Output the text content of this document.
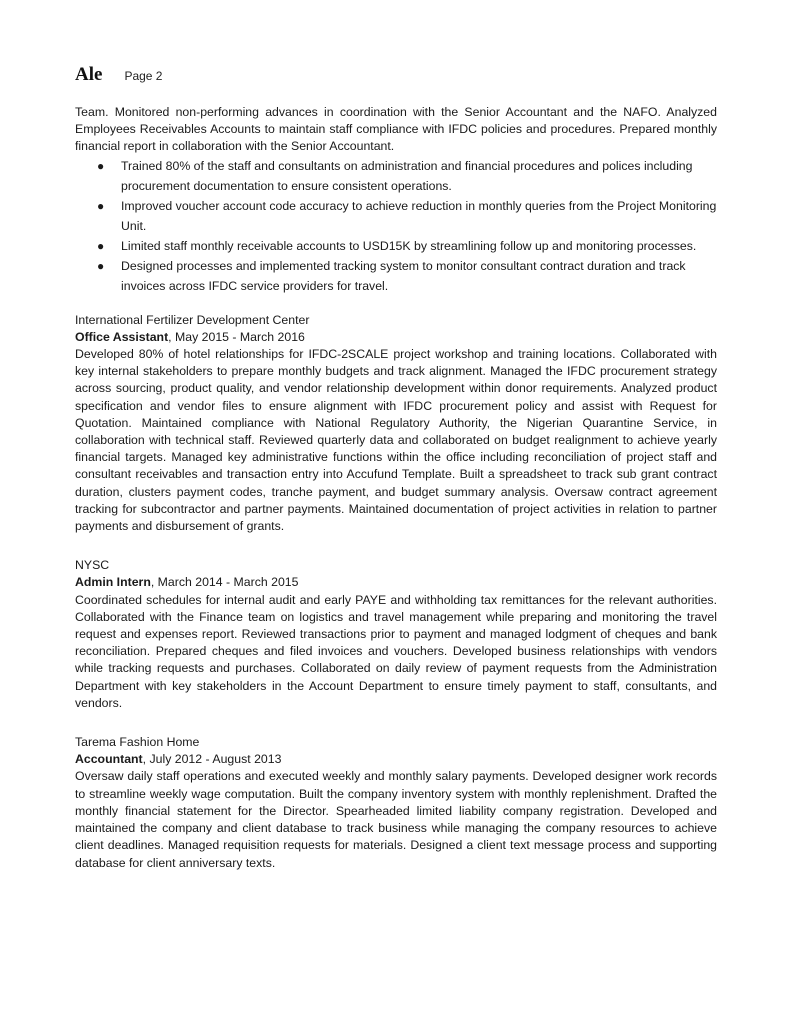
Ale Page 2

Team. Monitored non-performing advances in coordination with the Senior Accountant and the NAFO. Analyzed Employees Receivables Accounts to maintain staff compliance with IFDC policies and procedures. Prepared monthly financial report in collaboration with the Senior Accountant.

● Trained 80% of the staff and consultants on administration and financial procedures and polices including procurement documentation to ensure consistent operations.
● Improved voucher account code accuracy to achieve reduction in monthly queries from the Project Monitoring Unit.
● Limited staff monthly receivable accounts to USD15K by streamlining follow up and monitoring processes.
● Designed processes and implemented tracking system to monitor consultant contract duration and track invoices across IFDC service providers for travel.

International Fertilizer Development Center

Office Assistant, May 2015 - March 2016

Developed 80% of hotel relationships for IFDC-2SCALE project workshop and training locations. Collaborated with key internal stakeholders to prepare monthly budgets and track alignment. Managed the IFDC procurement strategy across sourcing, product quality, and vendor relationship development within donor requirements. Analyzed product specification and vendor files to ensure alignment with IFDC procurement policy and assist with Request for Quotation. Maintained compliance with National Regulatory Authority, the Nigerian Quarantine Service, in collaboration with technical staff. Reviewed quarterly data and collaborated on budget realignment to achieve yearly financial targets. Managed key administrative functions within the office including reconciliation of project staff and consultant receivables and transaction entry into Accufund Template. Built a spreadsheet to track sub grant contract duration, clusters payment codes, tranche payment, and budget summary analysis. Oversaw contract agreement tracking for subcontractor and partner payments. Maintained documentation of project activities in relation to partner payments and disbursement of grants.

NYSC

Admin Intern, March 2014 - March 2015

Coordinated schedules for internal audit and early PAYE and withholding tax remittances for the relevant authorities. Collaborated with the Finance team on logistics and travel management while preparing and monitoring the travel request and expenses report. Reviewed transactions prior to payment and managed lodgment of cheques and bank reconciliation. Prepared cheques and filed invoices and vouchers. Developed business relationships with vendors while tracking requests and purchases. Collaborated on daily review of payment requests from the Administration Department with key stakeholders in the Account Department to ensure timely payment to staff, consultants, and vendors.

Tarema Fashion Home

Accountant, July 2012 - August 2013

Oversaw daily staff operations and executed weekly and monthly salary payments. Developed designer work records to streamline weekly wage computation. Built the company inventory system with monthly replenishment. Drafted the monthly financial statement for the Director. Spearheaded limited liability company registration. Developed and maintained the company and client database to track business while managing the company resources to achieve client deadlines. Managed requisition requests for materials. Designed a client text message process and supporting database for client anniversary texts.
